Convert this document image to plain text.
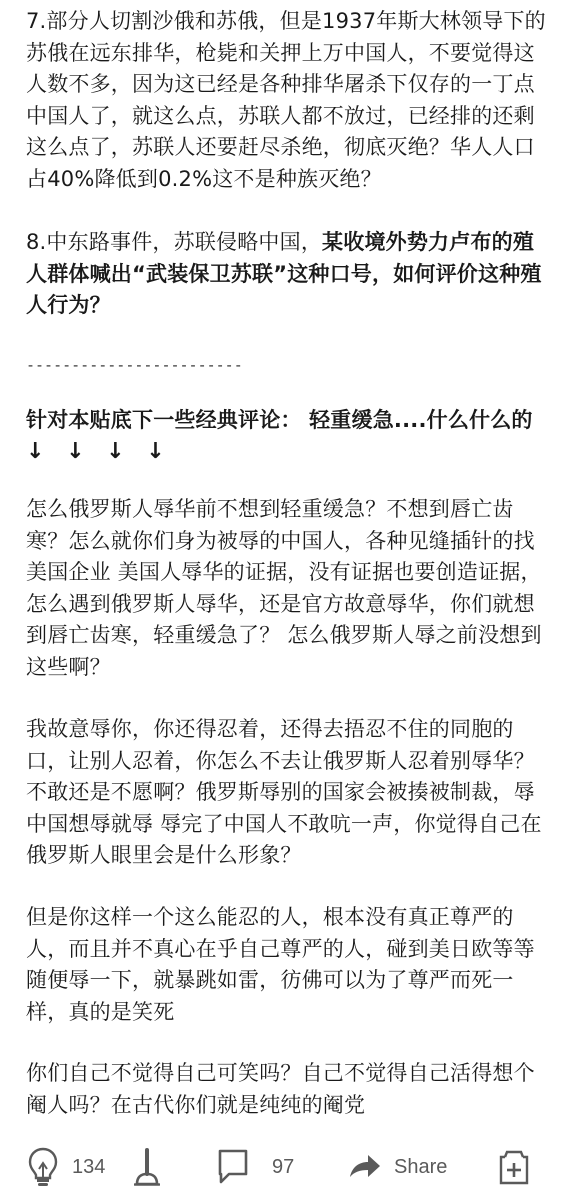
7.部分人切割沙俄和苏俄，但是1937年斯大林领导下的苏俄在远东排华，枪毙和关押上万中国人，不要觉得这人数不多，因为这已经是各种排华屠杀下仅存的一丁点中国人了，就这么点，苏联人都不放过，已经排的还剩这么点了，苏联人还要赶尽杀绝，彻底灭绝？华人人口占40%降低到0.2%这不是种族灭绝？

8.中东路事件，苏联侵略中国，某收境外势力卢布的殖人群体喊出“武装保卫苏联”这种口号，如何评价这种殖人行为？

------------------------

针对本贴底下一些经典评论： 轻重缓急....什么什么的

↓ ↓ ↓ ↓

怎么俄罗斯人辱华前不想到轻重缓急？不想到唇亡齿寒？怎么就你们身为被辱的中国人，各种见缝插针的找美国企业 美国人辱华的证据，没有证据也要创造证据，怎么遇到俄罗斯人辱华，还是官方故意辱华，你们就想到唇亡齿寒，轻重缓急了？ 怎么俄罗斯人辱之前没想到这些啊？

我故意辱你，你还得忍着，还得去捂忍不住的同胞的口，让别人忍着，你怎么不去让俄罗斯人忍着别辱华？不敢还是不愿啊？俄罗斯辱别的国家会被揍被制裁，辱中国想辱就辱 辱完了中国人不敢吭一声，你觉得自己在俄罗斯人眼里会是什么形象？

但是你这样一个这么能忍的人，根本没有真正尊严的人，而且并不真心在乎自己尊严的人，碰到美日欧等等随便辱一下，就暴跳如雷，彷佛可以为了尊严而死一样，真的是笑死

你们自己不觉得自己可笑吗？自己不觉得自己活得想个阉人吗？在古代你们就是纯纯的阉党

134	97	Share
